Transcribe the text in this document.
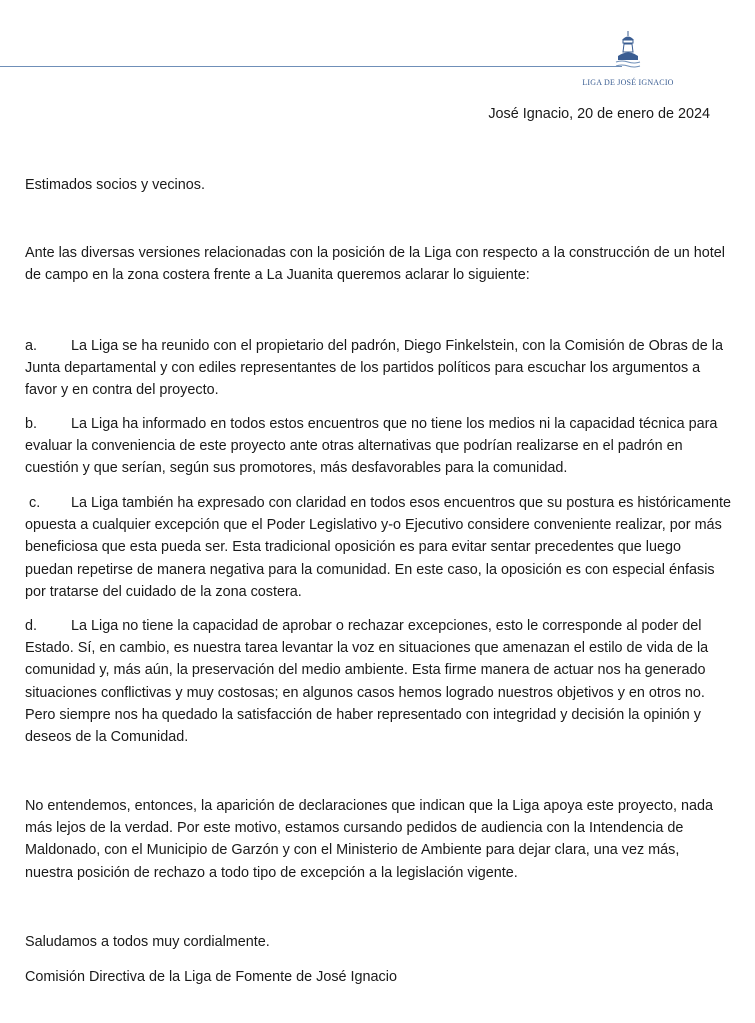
LIGA DE JOSÉ IGNACIO

José Ignacio, 20 de enero de 2024

Estimados socios y vecinos.

Ante las diversas versiones relacionadas con la posición de la Liga con respecto a la construcción de un hotel
de campo en la zona costera frente a La Juanita queremos aclarar lo siguiente:
a. La Liga se ha reunido con el propietario del padrón, Diego Finkelstein, con la Comisión de Obras de la
Junta departamental y con ediles representantes de los partidos políticos para escuchar los argumentos a
favor y en contra del proyecto.
b. La Liga ha informado en todos estos encuentros que no tiene los medios ni la capacidad técnica para
evaluar la conveniencia de este proyecto ante otras alternativas que podrían realizarse en el padrón en
cuestión y que serían, según sus promotores, más desfavorables para la comunidad.
c. La Liga también ha expresado con claridad en todos esos encuentros que su postura es históricamente
opuesta a cualquier excepción que el Poder Legislativo y-o Ejecutivo considere conveniente realizar, por más
beneficiosa que esta pueda ser. Esta tradicional oposición es para evitar sentar precedentes que luego
puedan repetirse de manera negativa para la comunidad. En este caso, la oposición es con especial énfasis
por tratarse del cuidado de la zona costera.
d. La Liga no tiene la capacidad de aprobar o rechazar excepciones, esto le corresponde al poder del
Estado. Sí, en cambio, es nuestra tarea levantar la voz en situaciones que amenazan el estilo de vida de la
comunidad y, más aún, la preservación del medio ambiente. Esta firme manera de actuar nos ha generado
situaciones conflictivas y muy costosas; en algunos casos hemos logrado nuestros objetivos y en otros no.
Pero siempre nos ha quedado la satisfacción de haber representado con integridad y decisión la opinión y
deseos de la Comunidad.
No entendemos, entonces, la aparición de declaraciones que indican que la Liga apoya este proyecto, nada
más lejos de la verdad. Por este motivo, estamos cursando pedidos de audiencia con la Intendencia de
Maldonado, con el Municipio de Garzón y con el Ministerio de Ambiente para dejar clara, una vez más,
nuestra posición de rechazo a todo tipo de excepción a la legislación vigente.

Saludamos a todos muy cordialmente.

Comisión Directiva de la Liga de Fomente de José Ignacio
